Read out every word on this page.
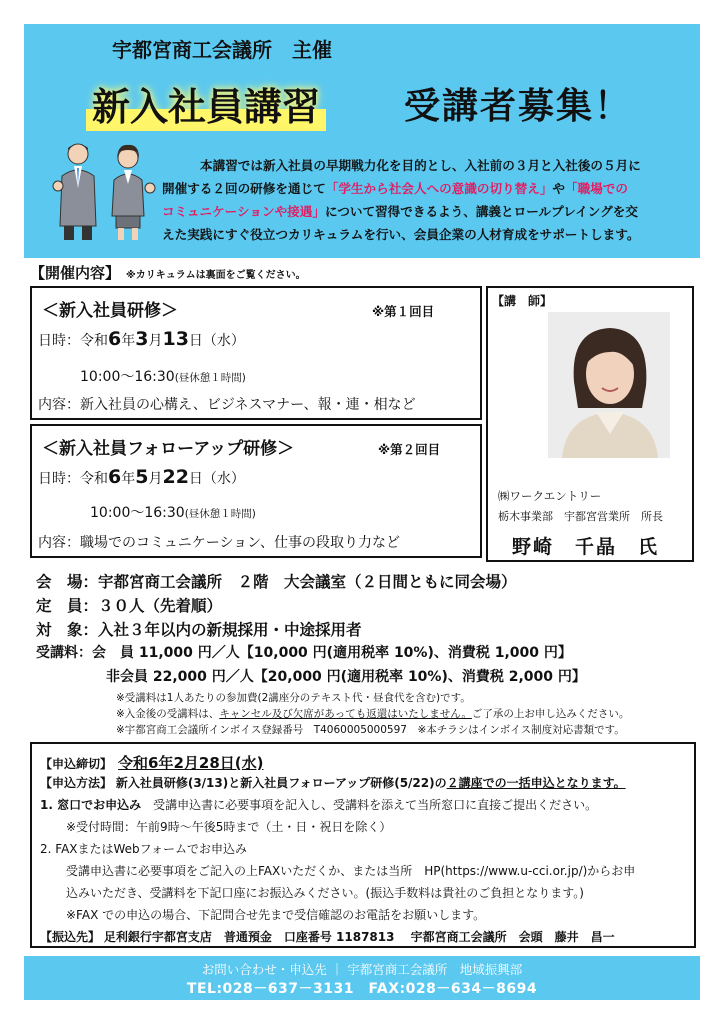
宇都宮商工会議所　主催
新入社員講習 受講者募集！
本講習では新入社員の早期戦力化を目的とし、入社前の３月と入社後の５月に
開催する２回の研修を通じて「学生から社会人への意識の切り替え」や「職場での
コミュニケーションや接遇」について習得できるよう、講義とロールプレイングを交
えた実践にすぐ役立つカリキュラムを行い、会員企業の人材育成をサポートします。
【開催内容】 ※カリキュラムは裏面をご覧ください。
＜新入社員研修＞	※第１回目
日時：令和6年3月13日（水）
10:00～16:30(昼休憩１時間)
内容：新入社員の心構え、ビジネスマナー、報・連・相など
＜新入社員フォローアップ研修＞	※第２回目
日時：令和6年5月22日（水）
10:00～16:30(昼休憩１時間)
内容：職場でのコミュニケーション、仕事の段取り力など
【講　師】
㈱ワークエントリー
栃木事業部　宇都宮営業所　所長
野崎　千晶　氏
会　場：宇都宮商工会議所　２階　大会議室（２日間ともに同会場）
定　員：３０人（先着順）
対　象：入社３年以内の新規採用・中途採用者
受講料：会　員 11,000 円／人【10,000 円(適用税率 10%)、消費税 1,000 円】
非会員 22,000 円／人【20,000 円(適用税率 10%)、消費税 2,000 円】
※受講料は1人あたりの参加費(2講座分のテキスト代・昼食代を含む)です。
※入金後の受講料は、キャンセル及び欠席があっても返還はいたしません。ご了承の上お申し込みください。
※宇都宮商工会議所インボイス登録番号　T4060005000597　※本チラシはインボイス制度対応書類です。
【申込締切】　 令和6年2月28日(水)
【申込方法】 新入社員研修(3/13)と新入社員フォローアップ研修(5/22)の２講座での一括申込となります。
1. 窓口でお申込み　 受講申込書に必要事項を記入し、受講料を添えて当所窓口に直接ご提出ください。
※受付時間：午前9時～午後5時まで（土・日・祝日を除く）
2. FAXまたはWebフォームでお申込み
受講申込書に必要事項をご記入の上FAXいただくか、または当所　HP(https://www.u-cci.or.jp/)からお申
込みいただき、受講料を下記口座にお振込みください。(振込手数料は貴社のご負担となります。)
※FAX での申込の場合、下記問合せ先まで受信確認のお電話をお願いします。
【振込先】 足利銀行宇都宮支店　普通預金　口座番号 1187813　 宇都宮商工会議所　会頭　藤井　昌一
お問い合わせ・申込先 ｜ 宇都宮商工会議所　地域振興部
TEL:028－637－3131　FAX:028－634－8694
